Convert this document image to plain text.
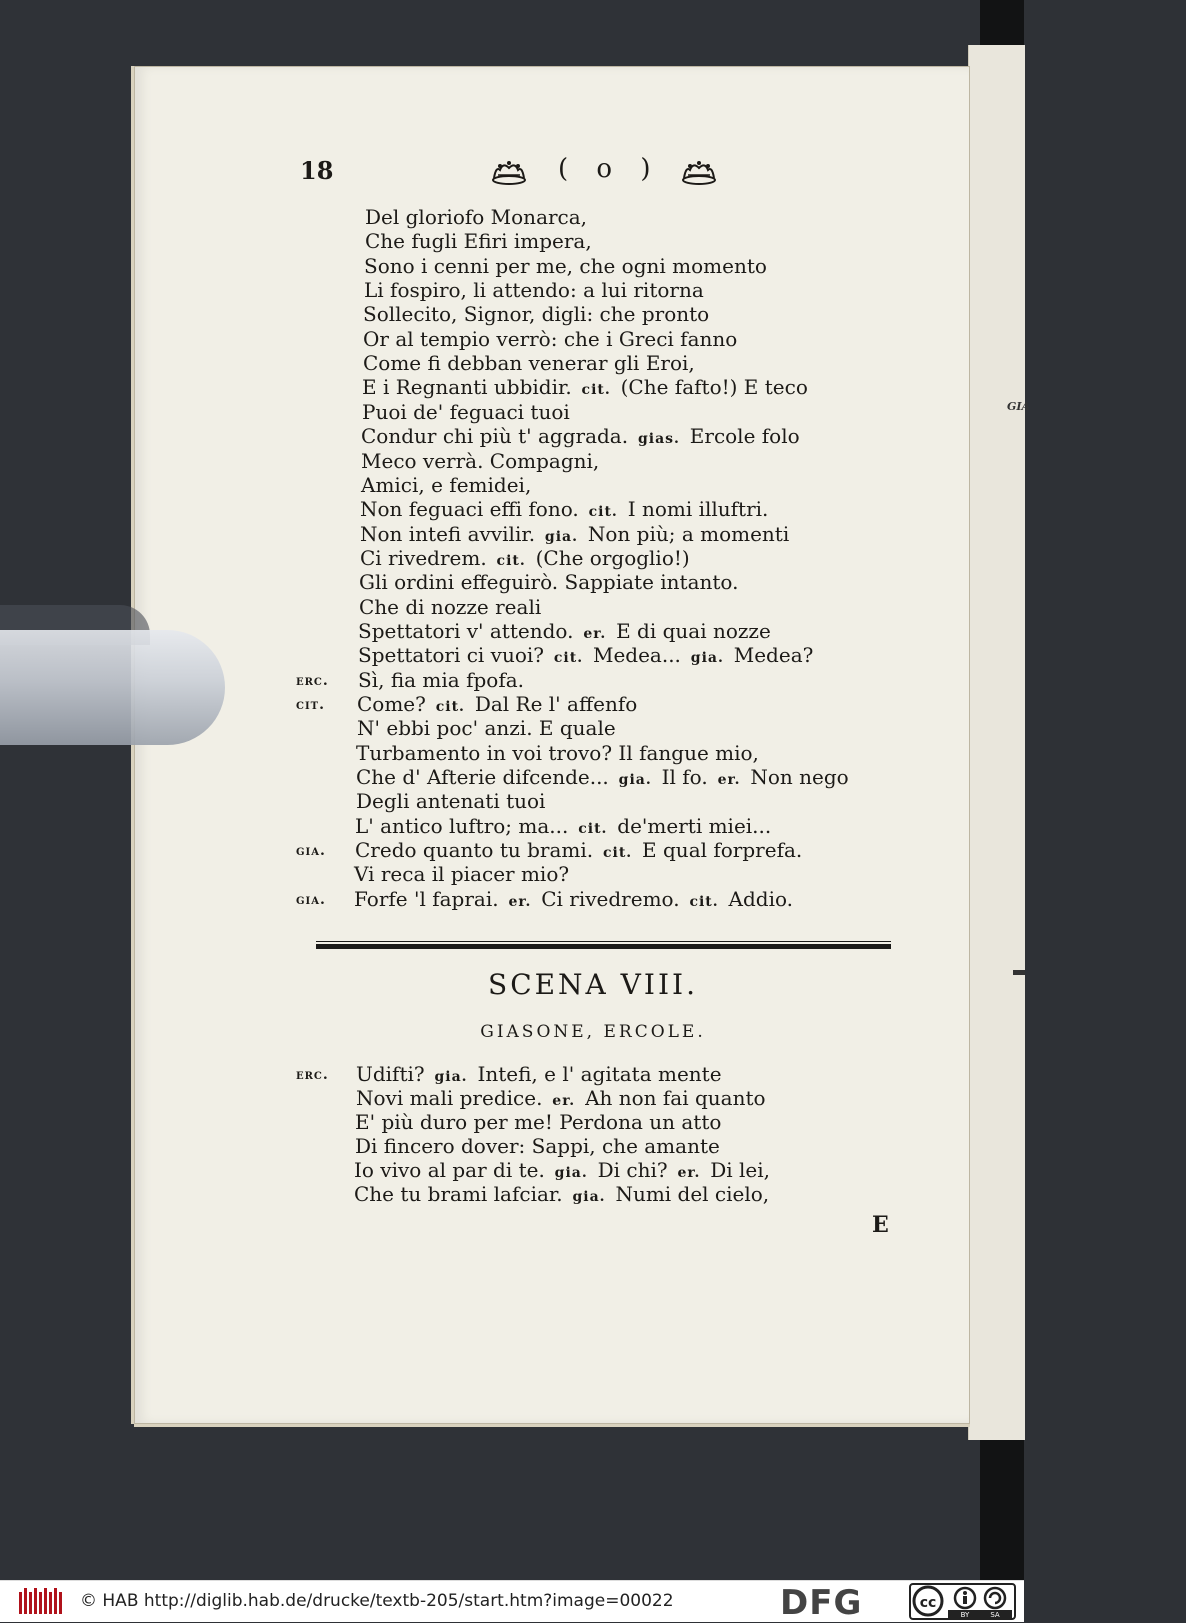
GIA
18	( o )
Del gloriofo Monarca,
Che fugli Efiri impera,
Sono i cenni per me, che ogni momento
Li fospiro, li attendo: a lui ritorna
Sollecito, Signor, digli: che pronto
Or al tempio verrò: che i Greci fanno
Come fi debban venerar gli Eroi,
E i Regnanti ubbidir. cit. (Che fafto!) E teco
Puoi de' feguaci tuoi
Condur chi più t' aggrada. gias. Ercole folo
Meco verrà. Compagni,
Amici, e femidei,
Non feguaci effi fono. cit. I nomi illuftri.
Non intefi avvilir. gia. Non più; a momenti
Ci rivedrem. cit. (Che orgoglio!)
Gli ordini effeguirò. Sappiate intanto.
Che di nozze reali
Spettatori v' attendo. er. E di quai nozze
Spettatori ci vuoi? cit. Medea... gia. Medea?
erc. Sì, fia mia fpofa.
cit. Come? cit. Dal Re l' affenfo
N' ebbi poc' anzi. E quale
Turbamento in voi trovo? Il fangue mio,
Che d' Afterie difcende... gia. Il fo. er. Non nego
Degli antenati tuoi
L' antico luftro; ma... cit. de'merti miei...
gia. Credo quanto tu brami. cit. E qual forprefa.
Vi reca il piacer mio?
gia. Forfe 'l faprai. er. Ci rivedremo. cit. Addio.
SCENA VIII.
GIASONE, ERCOLE.
erc. Udifti? gia. Intefi, e l' agitata mente
Novi mali predice. er. Ah non fai quanto
E' più duro per me! Perdona un atto
Di fincero dover: Sappi, che amante
Io vivo al par di te. gia. Di chi? er. Di lei,
Che tu brami lafciar. gia. Numi del cielo,
E
© HAB http://diglib.hab.de/drucke/textb-205/start.htm?image=00022	DFG	cc
BY	SA
